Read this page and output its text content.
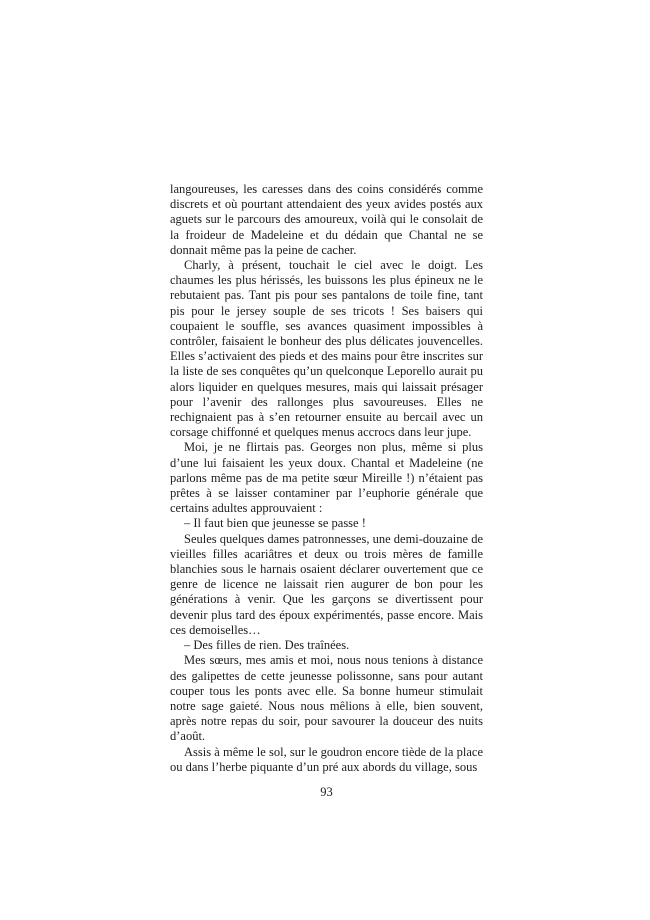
langoureuses, les caresses dans des coins considérés comme discrets et où pourtant attendaient des yeux avides postés aux aguets sur le parcours des amoureux, voilà qui le consolait de la froideur de Madeleine et du dédain que Chantal ne se donnait même pas la peine de cacher.

Charly, à présent, touchait le ciel avec le doigt. Les chaumes les plus hérissés, les buissons les plus épineux ne le rebutaient pas. Tant pis pour ses pantalons de toile fine, tant pis pour le jersey souple de ses tricots ! Ses baisers qui coupaient le souffle, ses avances quasiment impossibles à contrôler, faisaient le bonheur des plus délicates jouvencelles. Elles s’activaient des pieds et des mains pour être inscrites sur la liste de ses conquêtes qu’un quelconque Leporello aurait pu alors liquider en quelques mesures, mais qui laissait présager pour l’avenir des rallonges plus savoureuses. Elles ne rechignaient pas à s’en retourner ensuite au bercail avec un corsage chiffonné et quelques menus accrocs dans leur jupe.

Moi, je ne flirtais pas. Georges non plus, même si plus d’une lui faisaient les yeux doux. Chantal et Madeleine (ne parlons même pas de ma petite sœur Mireille !) n’étaient pas prêtes à se laisser contaminer par l’euphorie générale que certains adultes approuvaient :

– Il faut bien que jeunesse se passe !

Seules quelques dames patronnesses, une demi-douzaine de vieilles filles acariâtres et deux ou trois mères de famille blanchies sous le harnais osaient déclarer ouvertement que ce genre de licence ne laissait rien augurer de bon pour les générations à venir. Que les garçons se divertissent pour devenir plus tard des époux expérimentés, passe encore. Mais ces demoiselles…

– Des filles de rien. Des traînées.

Mes sœurs, mes amis et moi, nous nous tenions à distance des galipettes de cette jeunesse polissonne, sans pour autant couper tous les ponts avec elle. Sa bonne humeur stimulait notre sage gaieté. Nous nous mêlions à elle, bien souvent, après notre repas du soir, pour savourer la douceur des nuits d’août.

Assis à même le sol, sur le goudron encore tiède de la place ou dans l’herbe piquante d’un pré aux abords du village, sous

93
